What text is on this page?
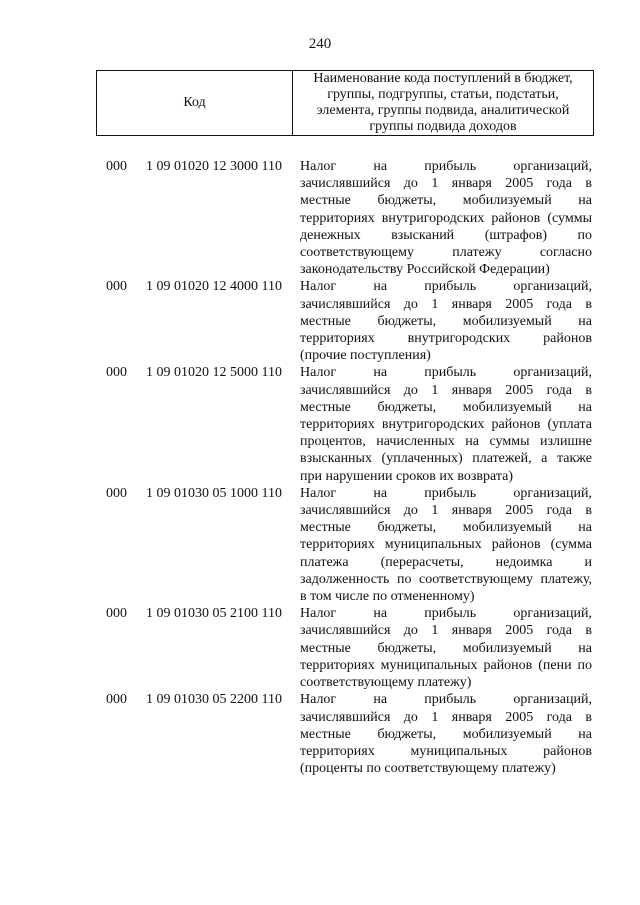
240
Код	
Наименование кода поступлений в бюджет,
группы, подгруппы, статьи, подстатьи,
элемента, группы подвида, аналитической
группы подвида доходов
000	1 09 01020 12 3000 110	Налог на прибыль организаций,
зачислявшийся до 1 января 2005 года в
местные бюджеты, мобилизуемый на
территориях внутригородских районов (суммы
денежных взысканий (штрафов) по
соответствующему платежу согласно
законодательству Российской Федерации)
000	1 09 01020 12 4000 110	Налог на прибыль организаций,
зачислявшийся до 1 января 2005 года в
местные бюджеты, мобилизуемый на
территориях внутригородских районов
(прочие поступления)
000	1 09 01020 12 5000 110	Налог на прибыль организаций,
зачислявшийся до 1 января 2005 года в
местные бюджеты, мобилизуемый на
территориях внутригородских районов (уплата
процентов, начисленных на суммы излишне
взысканных (уплаченных) платежей, а также
при нарушении сроков их возврата)
000	1 09 01030 05 1000 110	Налог на прибыль организаций,
зачислявшийся до 1 января 2005 года в
местные бюджеты, мобилизуемый на
территориях муниципальных районов (сумма
платежа (перерасчеты, недоимка и
задолженность по соответствующему платежу,
в том числе по отмененному)
000	1 09 01030 05 2100 110	Налог на прибыль организаций,
зачислявшийся до 1 января 2005 года в
местные бюджеты, мобилизуемый на
территориях муниципальных районов (пени по
соответствующему платежу)
000	1 09 01030 05 2200 110	Налог на прибыль организаций,
зачислявшийся до 1 января 2005 года в
местные бюджеты, мобилизуемый на
территориях муниципальных районов
(проценты по соответствующему платежу)
